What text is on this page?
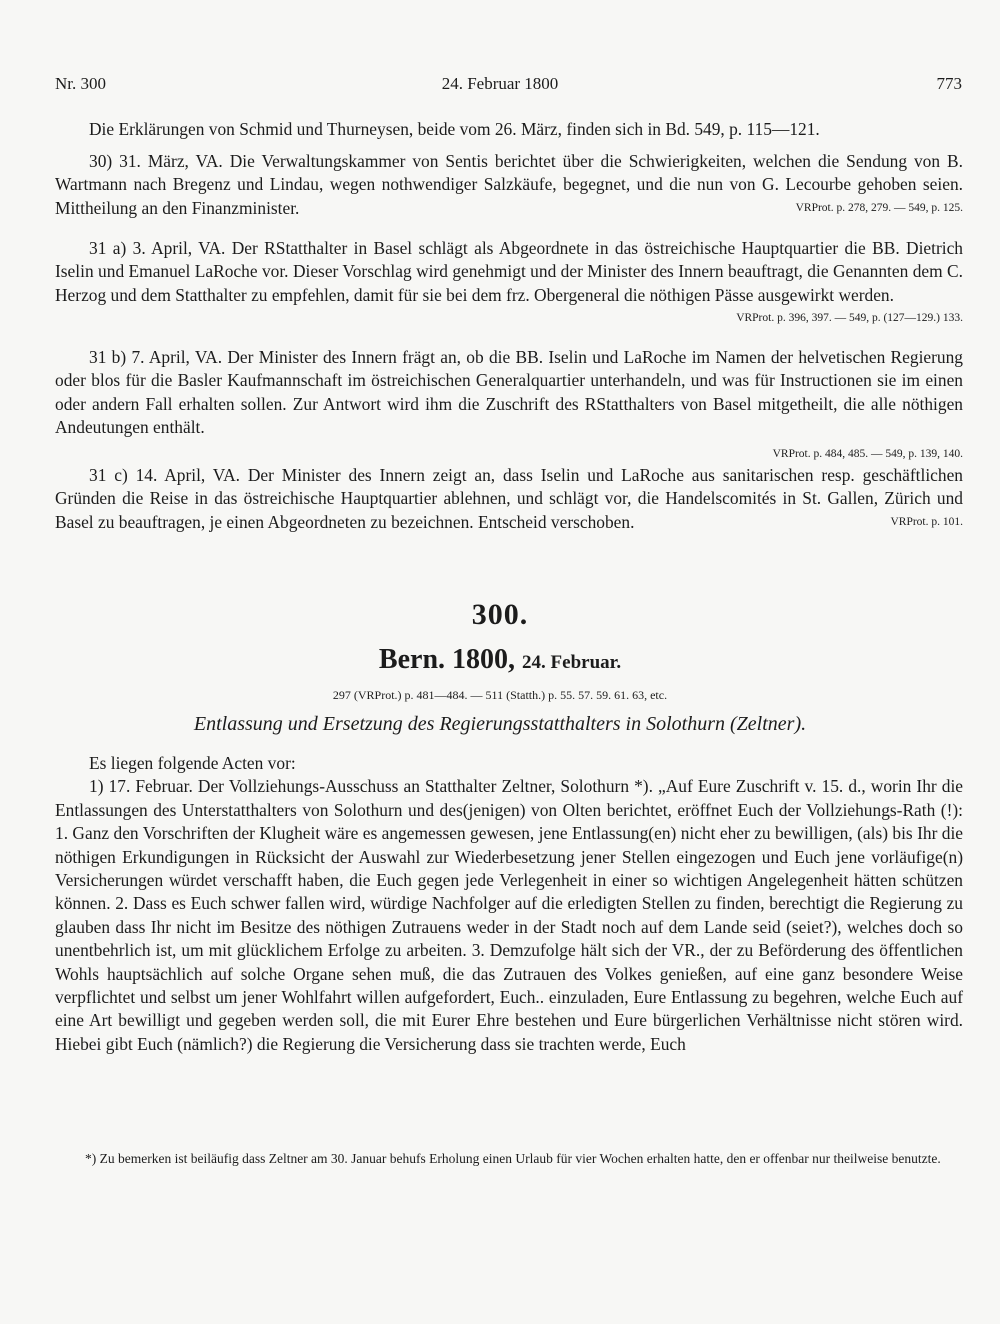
Nr. 300	24. Februar 1800	773

Die Erklärungen von Schmid und Thurneysen, beide vom 26. März, finden sich in Bd. 549, p. 115—121.

30) 31. März, VA. Die Verwaltungskammer von Sentis berichtet über die Schwierigkeiten, welchen die Sendung von B. Wartmann nach Bregenz und Lindau, wegen nothwendiger Salzkäufe, begegnet, und die nun von G. Lecourbe gehoben seien. Mittheilung an den Finanzminister.	VRProt. p. 278, 279. — 549, p. 125.

31 a) 3. April, VA. Der RStatthalter in Basel schlägt als Abgeordnete in das östreichische Hauptquartier die BB. Dietrich Iselin und Emanuel LaRoche vor. Dieser Vorschlag wird genehmigt und der Minister des Innern beauftragt, die Genannten dem C. Herzog und dem Statthalter zu empfehlen, damit für sie bei dem frz. Obergeneral die nöthigen Pässe ausgewirkt werden.
VRProt. p. 396, 397. — 549, p. (127—129.) 133.

31 b) 7. April, VA. Der Minister des Innern frägt an, ob die BB. Iselin und LaRoche im Namen der helvetischen Regierung oder blos für die Basler Kaufmannschaft im östreichischen Generalquartier unterhandeln, und was für Instructionen sie im einen oder andern Fall erhalten sollen. Zur Antwort wird ihm die Zuschrift des RStatthalters von Basel mitgetheilt, die alle nöthigen Andeutungen enthält.

VRProt. p. 484, 485. — 549, p. 139, 140.

31 c) 14. April, VA. Der Minister des Innern zeigt an, dass Iselin und LaRoche aus sanitarischen resp. geschäftlichen Gründen die Reise in das östreichische Hauptquartier ablehnen, und schlägt vor, die Handelscomités in St. Gallen, Zürich und Basel zu beauftragen, je einen Abgeordneten zu bezeichnen. Entscheid verschoben.	VRProt. p. 101.

300.
Bern. 1800, 24. Februar.
297 (VRProt.) p. 481—484. — 511 (Statth.) p. 55. 57. 59. 61. 63, etc.
Entlassung und Ersetzung des Regierungsstatthalters in Solothurn (Zeltner).

Es liegen folgende Acten vor:

1) 17. Februar. Der Vollziehungs-Ausschuss an Statthalter Zeltner, Solothurn *). „Auf Eure Zuschrift v. 15. d., worin Ihr die Entlassungen des Unterstatthalters von Solothurn und des(jenigen) von Olten berichtet, eröffnet Euch der Vollziehungs-Rath (!): 1. Ganz den Vorschriften der Klugheit wäre es angemessen gewesen, jene Entlassung(en) nicht eher zu bewilligen, (als) bis Ihr die nöthigen Erkundigungen in Rücksicht der Auswahl zur Wiederbesetzung jener Stellen eingezogen und Euch jene vorläufige(n) Versicherungen würdet verschafft haben, die Euch gegen jede Verlegenheit in einer so wichtigen Angelegenheit hätten schützen können. 2. Dass es Euch schwer fallen wird, würdige Nachfolger auf die erledigten Stellen zu finden, berechtigt die Regierung zu glauben dass Ihr nicht im Besitze des nöthigen Zutrauens weder in der Stadt noch auf dem Lande seid (seiet?), welches doch so unentbehrlich ist, um mit glücklichem Erfolge zu arbeiten. 3. Demzufolge hält sich der VR., der zu Beförderung des öffentlichen Wohls hauptsächlich auf solche Organe sehen muß, die das Zutrauen des Volkes genießen, auf eine ganz besondere Weise verpflichtet und selbst um jener Wohlfahrt willen aufgefordert, Euch.. einzuladen, Eure Entlassung zu begehren, welche Euch auf eine Art bewilligt und gegeben werden soll, die mit Eurer Ehre bestehen und Eure bürgerlichen Verhältnisse nicht stören wird. Hiebei gibt Euch (nämlich?) die Regierung die Versicherung dass sie trachten werde, Euch

*) Zu bemerken ist beiläufig dass Zeltner am 30. Januar behufs Erholung einen Urlaub für vier Wochen erhalten hatte, den er offenbar nur theilweise benutzte.
